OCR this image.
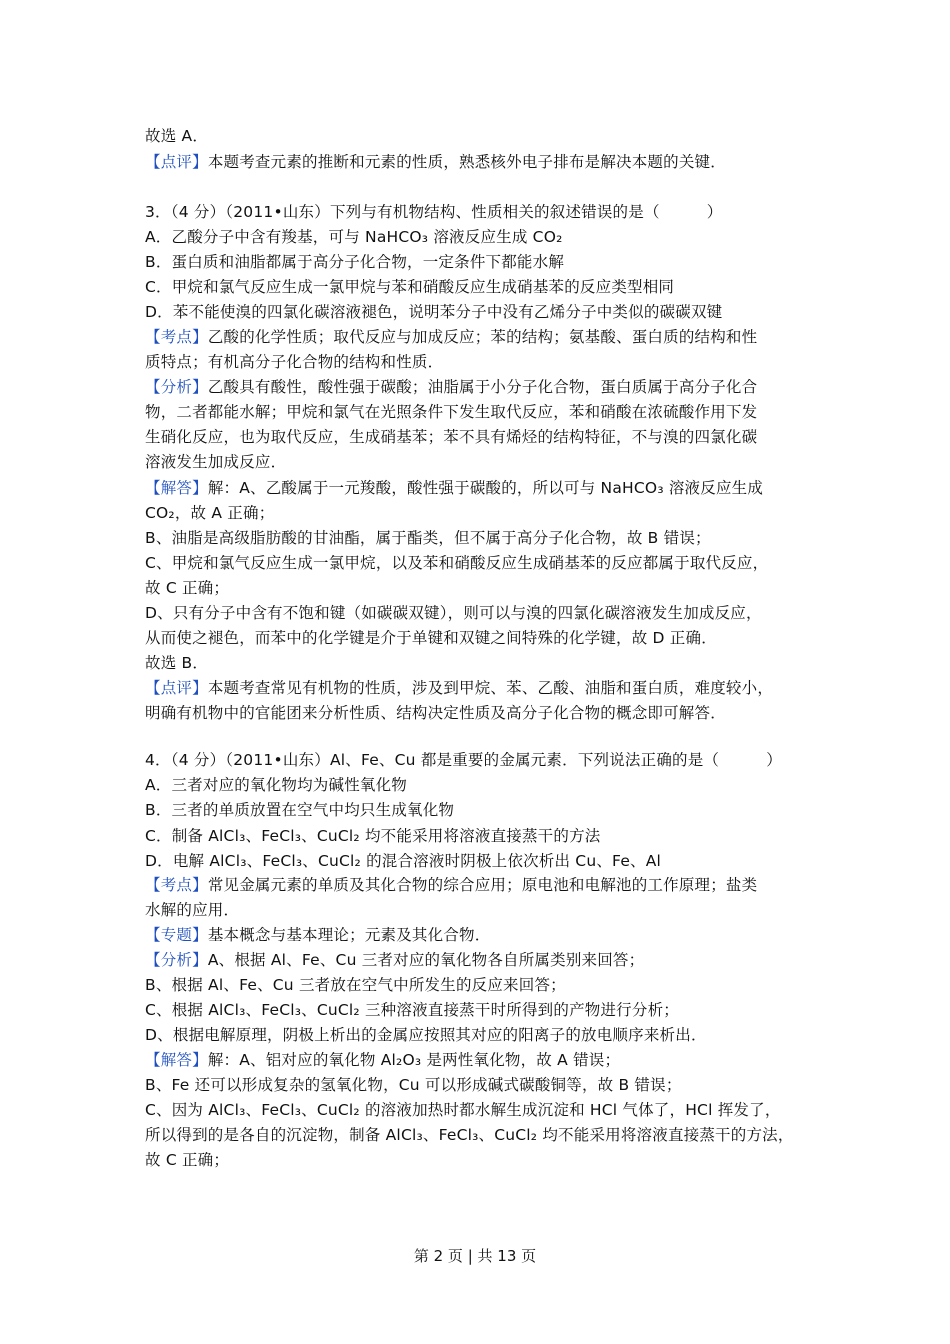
故选 A．
【点评】本题考查元素的推断和元素的性质，熟悉核外电子排布是解决本题的关键．
3．（4 分）（2011•山东）下列与有机物结构、性质相关的叙述错误的是（　　　）
A．乙酸分子中含有羧基，可与 NaHCO₃ 溶液反应生成 CO₂
B．蛋白质和油脂都属于高分子化合物，一定条件下都能水解
C．甲烷和氯气反应生成一氯甲烷与苯和硝酸反应生成硝基苯的反应类型相同
D．苯不能使溴的四氯化碳溶液褪色，说明苯分子中没有乙烯分子中类似的碳碳双键
【考点】乙酸的化学性质；取代反应与加成反应；苯的结构；氨基酸、蛋白质的结构和性
质特点；有机高分子化合物的结构和性质．
【分析】乙酸具有酸性，酸性强于碳酸；油脂属于小分子化合物，蛋白质属于高分子化合
物，二者都能水解；甲烷和氯气在光照条件下发生取代反应，苯和硝酸在浓硫酸作用下发
生硝化反应，也为取代反应，生成硝基苯；苯不具有烯烃的结构特征，不与溴的四氯化碳
溶液发生加成反应．
【解答】解：A、乙酸属于一元羧酸，酸性强于碳酸的，所以可与 NaHCO₃ 溶液反应生成
CO₂，故 A 正确；
B、油脂是高级脂肪酸的甘油酯，属于酯类，但不属于高分子化合物，故 B 错误；
C、甲烷和氯气反应生成一氯甲烷，以及苯和硝酸反应生成硝基苯的反应都属于取代反应，
故 C 正确；
D、只有分子中含有不饱和键（如碳碳双键），则可以与溴的四氯化碳溶液发生加成反应，
从而使之褪色，而苯中的化学键是介于单键和双键之间特殊的化学键，故 D 正确．
故选 B．
【点评】本题考查常见有机物的性质，涉及到甲烷、苯、乙酸、油脂和蛋白质，难度较小，
明确有机物中的官能团来分析性质、结构决定性质及高分子化合物的概念即可解答．
4．（4 分）（2011•山东）Al、Fe、Cu 都是重要的金属元素．下列说法正确的是（　　　）
A．三者对应的氧化物均为碱性氧化物
B．三者的单质放置在空气中均只生成氧化物
C．制备 AlCl₃、FeCl₃、CuCl₂ 均不能采用将溶液直接蒸干的方法
D．电解 AlCl₃、FeCl₃、CuCl₂ 的混合溶液时阴极上依次析出 Cu、Fe、Al
【考点】常见金属元素的单质及其化合物的综合应用；原电池和电解池的工作原理；盐类
水解的应用．
【专题】基本概念与基本理论；元素及其化合物．
【分析】A、根据 Al、Fe、Cu 三者对应的氧化物各自所属类别来回答；
B、根据 Al、Fe、Cu 三者放在空气中所发生的反应来回答；
C、根据 AlCl₃、FeCl₃、CuCl₂ 三种溶液直接蒸干时所得到的产物进行分析；
D、根据电解原理，阴极上析出的金属应按照其对应的阳离子的放电顺序来析出．
【解答】解：A、铝对应的氧化物 Al₂O₃ 是两性氧化物，故 A 错误；
B、Fe 还可以形成复杂的氢氧化物，Cu 可以形成碱式碳酸铜等，故 B 错误；
C、因为 AlCl₃、FeCl₃、CuCl₂ 的溶液加热时都水解生成沉淀和 HCl 气体了，HCl 挥发了，
所以得到的是各自的沉淀物，制备 AlCl₃、FeCl₃、CuCl₂ 均不能采用将溶液直接蒸干的方法，
故 C 正确；
第 2 页 | 共 13 页
